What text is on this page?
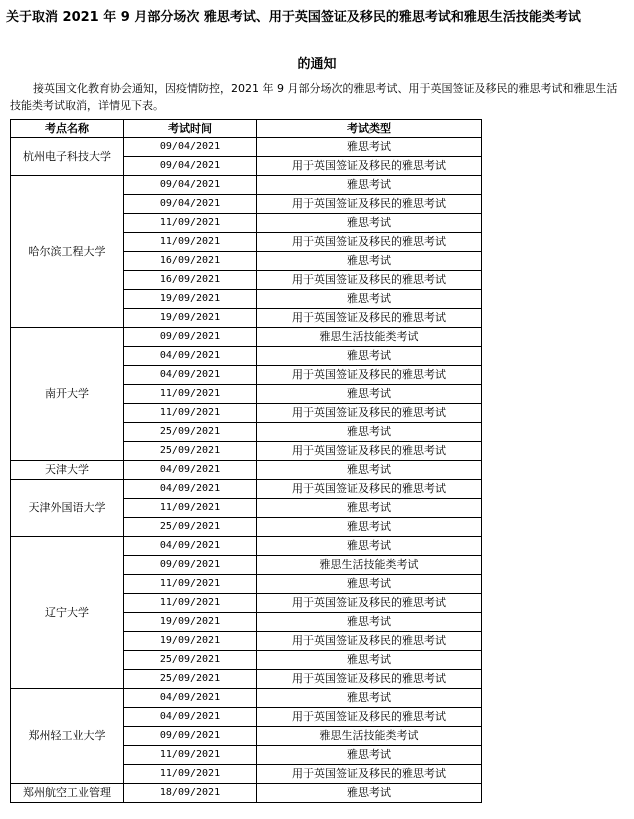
关于取消 2021 年 9 月部分场次 雅思考试、用于英国签证及移民的雅思考试和雅思生活技能类考试
的通知
接英国文化教育协会通知，因疫情防控，2021 年 9 月部分场次的雅思考试、用于英国签证及移民的雅思考试和雅思生活技能类考试取消，详情见下表。
考点名称	考试时间	考试类型
杭州电子科技大学	09/04/2021	雅思考试
	09/04/2021	用于英国签证及移民的雅思考试
哈尔滨工程大学	09/04/2021	雅思考试
	09/04/2021	用于英国签证及移民的雅思考试
	11/09/2021	雅思考试
	11/09/2021	用于英国签证及移民的雅思考试
	16/09/2021	雅思考试
	16/09/2021	用于英国签证及移民的雅思考试
	19/09/2021	雅思考试
	19/09/2021	用于英国签证及移民的雅思考试
南开大学	09/09/2021	雅思生活技能类考试
	04/09/2021	雅思考试
	04/09/2021	用于英国签证及移民的雅思考试
	11/09/2021	雅思考试
	11/09/2021	用于英国签证及移民的雅思考试
	25/09/2021	雅思考试
	25/09/2021	用于英国签证及移民的雅思考试
天津大学	04/09/2021	雅思考试
天津外国语大学	04/09/2021	用于英国签证及移民的雅思考试
	11/09/2021	雅思考试
	25/09/2021	雅思考试
辽宁大学	04/09/2021	雅思考试
	09/09/2021	雅思生活技能类考试
	11/09/2021	雅思考试
	11/09/2021	用于英国签证及移民的雅思考试
	19/09/2021	雅思考试
	19/09/2021	用于英国签证及移民的雅思考试
	25/09/2021	雅思考试
	25/09/2021	用于英国签证及移民的雅思考试
郑州轻工业大学	04/09/2021	雅思考试
	04/09/2021	用于英国签证及移民的雅思考试
	09/09/2021	雅思生活技能类考试
	11/09/2021	雅思考试
	11/09/2021	用于英国签证及移民的雅思考试
郑州航空工业管理	18/09/2021	雅思考试
